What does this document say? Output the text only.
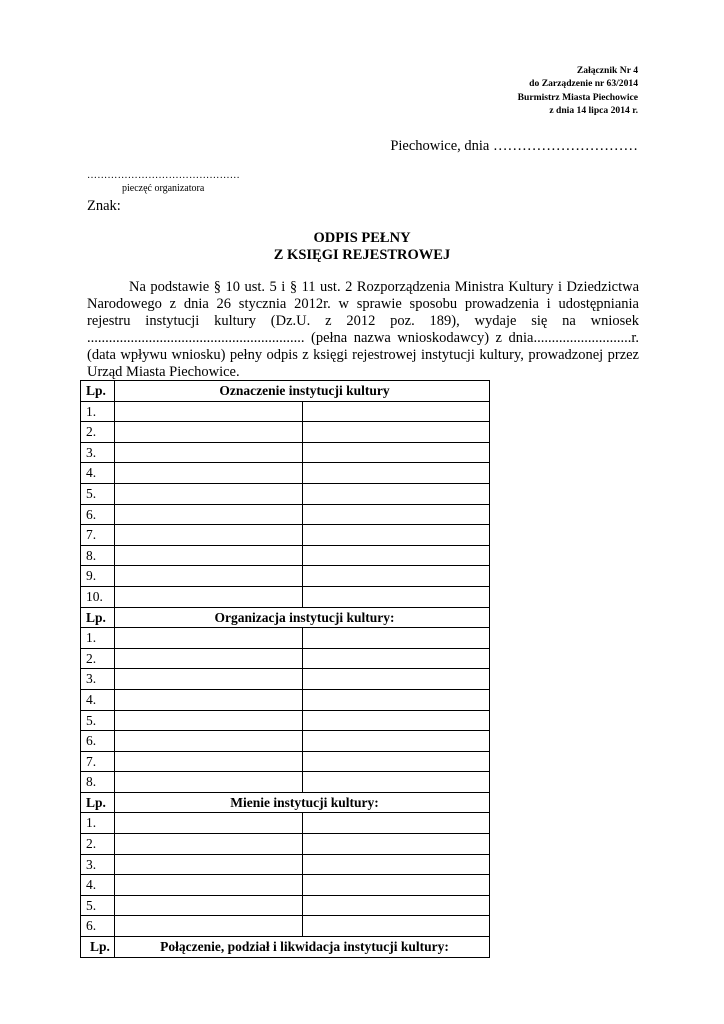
Załącznik Nr 4
do Zarządzenie nr 63/2014
Burmistrz Miasta Piechowice
z dnia 14 lipca 2014 r.
Piechowice, dnia …………………………
………………………………………
pieczęć organizatora
Znak:
ODPIS PEŁNY
Z KSIĘGI REJESTROWEJ
Na podstawie § 10 ust. 5 i § 11 ust. 2 Rozporządzenia Ministra Kultury i Dziedzictwa Narodowego z dnia 26 stycznia 2012r. w sprawie sposobu prowadzenia i udostępniania rejestru instytucji kultury (Dz.U. z 2012 poz. 189), wydaje się na wniosek ............................................................ (pełna nazwa wnioskodawcy) z dnia...........................r. (data wpływu wniosku) pełny odpis z księgi rejestrowej instytucji kultury, prowadzonej przez Urząd Miasta Piechowice.
Lp.	Oznaczenie instytucji kultury	
1.		
2.		
3.		
4.		
5.		
6.		
7.		
8.		
9.		
10.		
Lp.	Organizacja instytucji kultury:	
1.		
2.		
3.		
4.		
5.		
6.		
7.		
8.		
Lp.	Mienie instytucji kultury:	
1.		
2.		
3.		
4.		
5.		
6.		
Lp.	Połączenie, podział i likwidacja instytucji kultury:	
